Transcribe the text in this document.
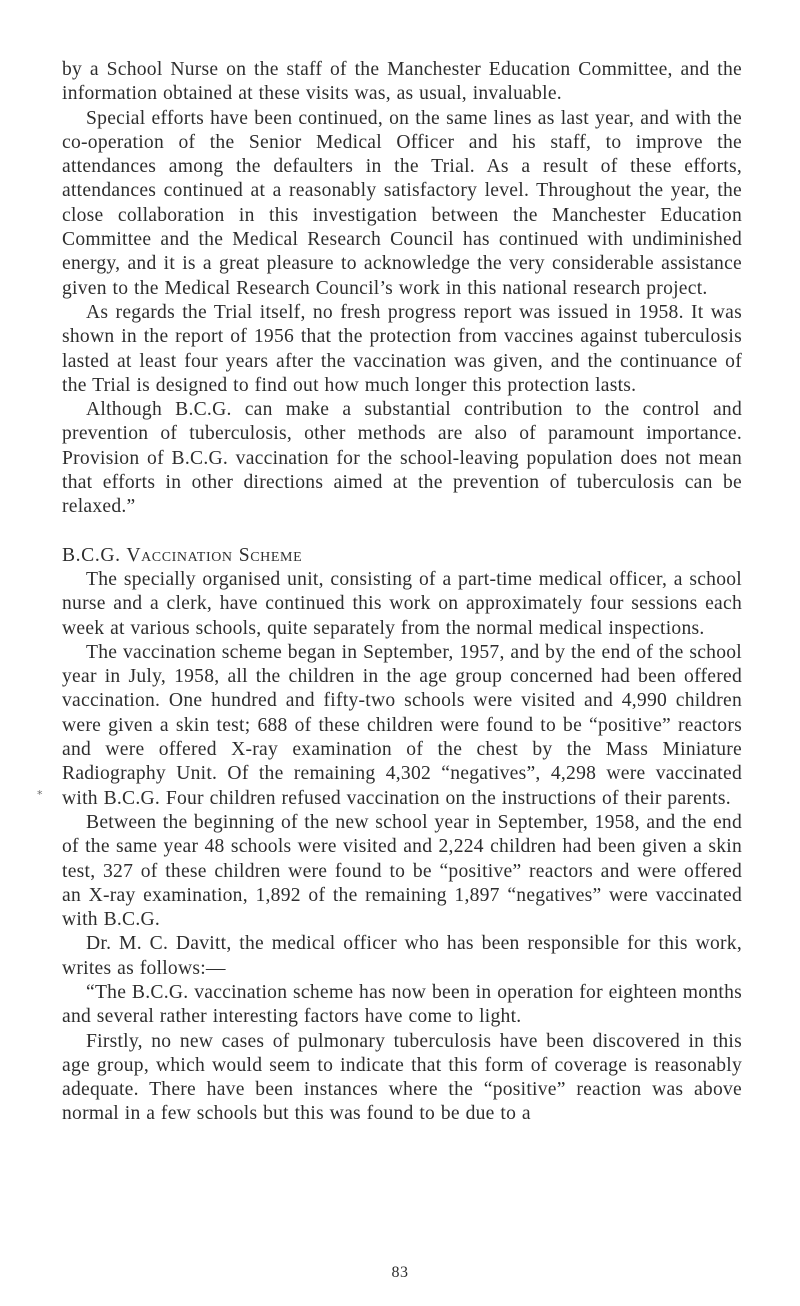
by a School Nurse on the staff of the Manchester Education Committee, and the information obtained at these visits was, as usual, invaluable.

Special efforts have been continued, on the same lines as last year, and with the co-operation of the Senior Medical Officer and his staff, to improve the attendances among the defaulters in the Trial. As a result of these efforts, attendances continued at a reasonably satisfactory level. Throughout the year, the close collaboration in this investigation between the Manchester Education Committee and the Medical Research Council has continued with undiminished energy, and it is a great pleasure to acknowledge the very considerable assistance given to the Medical Research Council’s work in this national research project.

As regards the Trial itself, no fresh progress report was issued in 1958. It was shown in the report of 1956 that the protection from vaccines against tuberculosis lasted at least four years after the vaccination was given, and the continuance of the Trial is designed to find out how much longer this protection lasts.

Although B.C.G. can make a substantial contribution to the control and prevention of tuberculosis, other methods are also of paramount importance. Provision of B.C.G. vaccination for the school-leaving population does not mean that efforts in other directions aimed at the prevention of tuberculosis can be relaxed.”

B.C.G. Vaccination Scheme

The specially organised unit, consisting of a part-time medical officer, a school nurse and a clerk, have continued this work on approximately four sessions each week at various schools, quite separately from the normal medical inspections.

The vaccination scheme began in September, 1957, and by the end of the school year in July, 1958, all the children in the age group concerned had been offered vaccination. One hundred and fifty-two schools were visited and 4,990 children were given a skin test; 688 of these children were found to be “positive” reactors and were offered X-ray examination of the chest by the Mass Miniature Radiography Unit. Of the remaining 4,302 “negatives”, 4,298 were vaccinated with B.C.G. Four children refused vaccination on the instructions of their parents.

Between the beginning of the new school year in September, 1958, and the end of the same year 48 schools were visited and 2,224 children had been given a skin test, 327 of these children were found to be “positive” reactors and were offered an X-ray examination, 1,892 of the remaining 1,897 “negatives” were vaccinated with B.C.G.

Dr. M. C. Davitt, the medical officer who has been responsible for this work, writes as follows:—

“The B.C.G. vaccination scheme has now been in operation for eighteen months and several rather interesting factors have come to light.

Firstly, no new cases of pulmonary tuberculosis have been discovered in this age group, which would seem to indicate that this form of coverage is reasonably adequate. There have been instances where the “positive” reaction was above normal in a few schools but this was found to be due to a

*
83
